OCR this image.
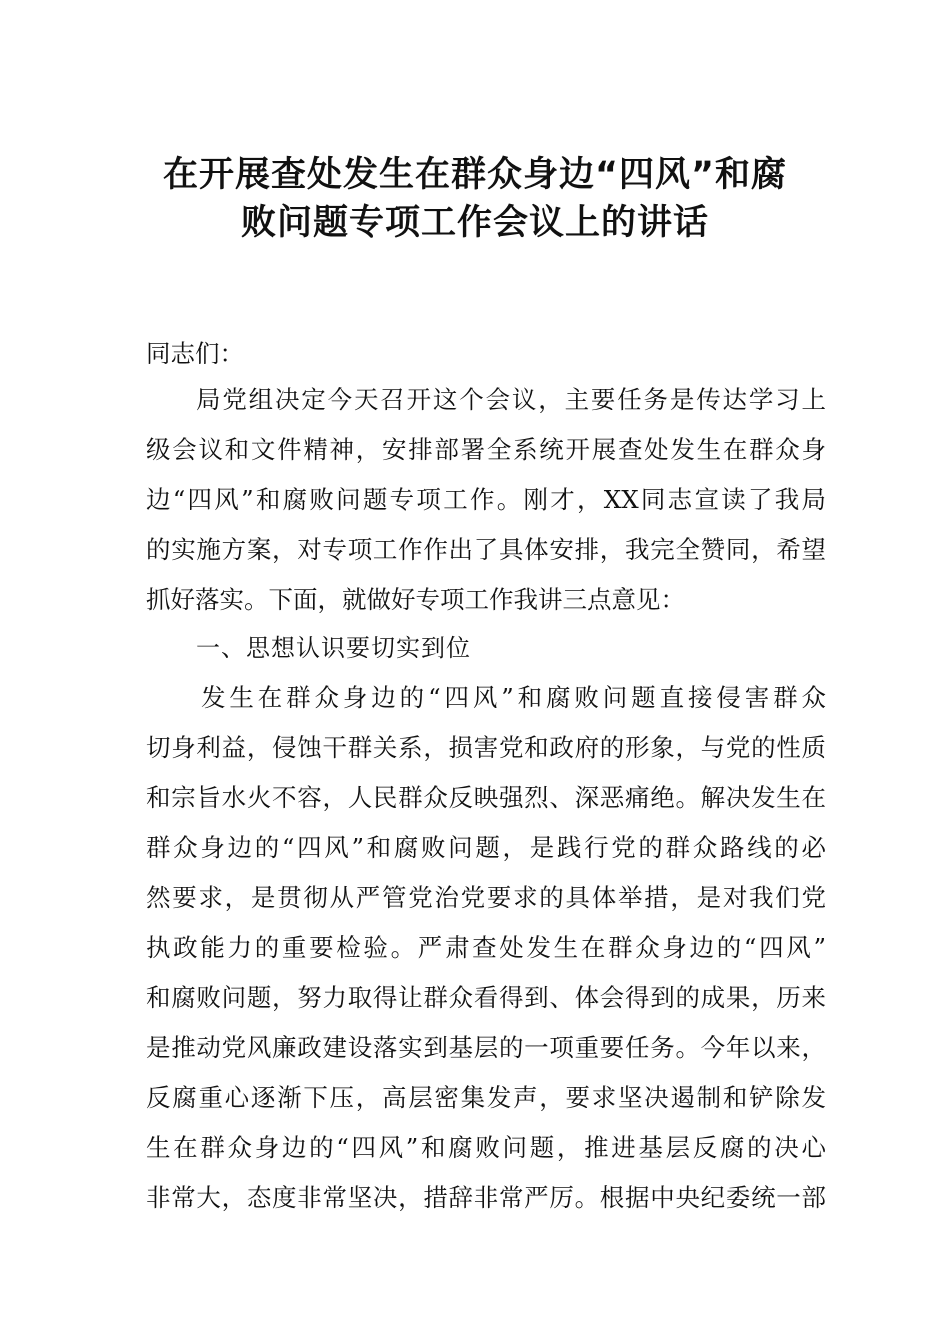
在开展查处发生在群众身边“四风”和腐
败问题专项工作会议上的讲话
同志们：
局党组决定今天召开这个会议，主要任务是传达学习上
级会议和文件精神，安排部署全系统开展查处发生在群众身
边“四风”和腐败问题专项工作。刚才，XX同志宣读了我局
的实施方案，对专项工作作出了具体安排，我完全赞同，希望
抓好落实。下面，就做好专项工作我讲三点意见：
一、思想认识要切实到位
发生在群众身边的“四风”和腐败问题直接侵害群众
切身利益，侵蚀干群关系，损害党和政府的形象，与党的性质
和宗旨水火不容，人民群众反映强烈、深恶痛绝。解决发生在
群众身边的“四风”和腐败问题，是践行党的群众路线的必
然要求，是贯彻从严管党治党要求的具体举措，是对我们党
执政能力的重要检验。严肃查处发生在群众身边的“四风”
和腐败问题，努力取得让群众看得到、体会得到的成果，历来
是推动党风廉政建设落实到基层的一项重要任务。今年以来，
反腐重心逐渐下压，高层密集发声，要求坚决遏制和铲除发
生在群众身边的“四风”和腐败问题，推进基层反腐的决心
非常大，态度非常坚决，措辞非常严厉。根据中央纪委统一部
